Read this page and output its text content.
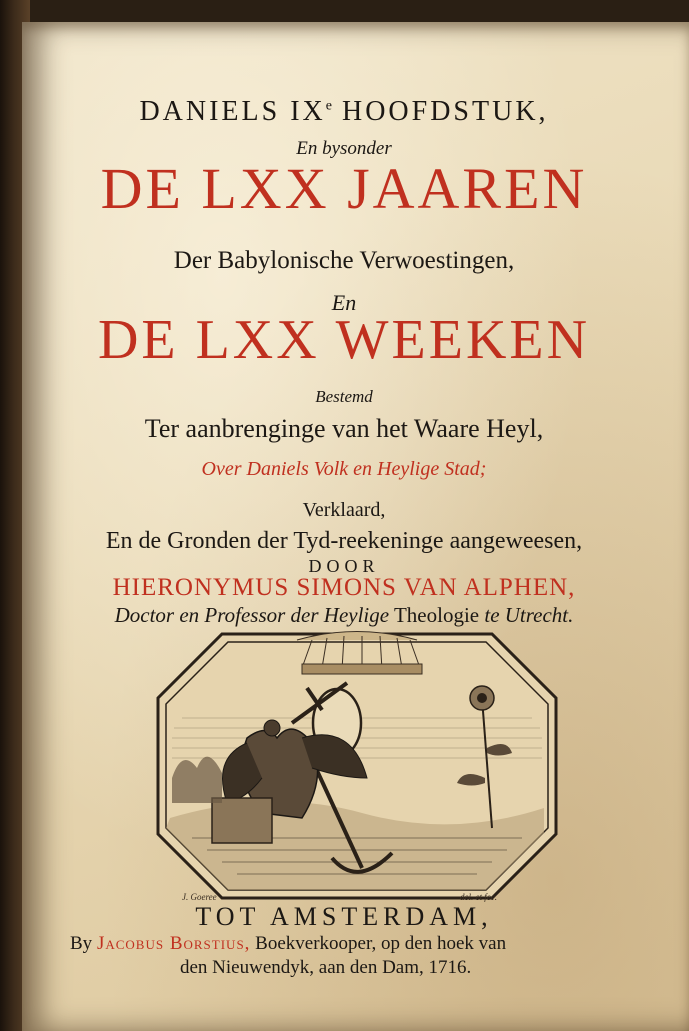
DANIELS IXe HOOFDSTUK,
En bysonder
DE LXX JAAREN
Der Babylonische Verwoestingen,
En
DE LXX WEEKEN
Bestemd
Ter aanbrenginge van het Waare Heyl,
Over Daniels Volk en Heylige Stad;
Verklaard,
En de Gronden der Tyd-reekeninge aangeweesen,
DOOR
HIERONYMUS SIMONS VAN ALPHEN,
Doctor en Professor der Heylige Theologie te Utrecht.
J. Goeree	del. et fec.
TOT AMSTERDAM,
By Jacobus Borstius, Boekverkooper, op den hoek van
den Nieuwendyk, aan den Dam, 1716.
